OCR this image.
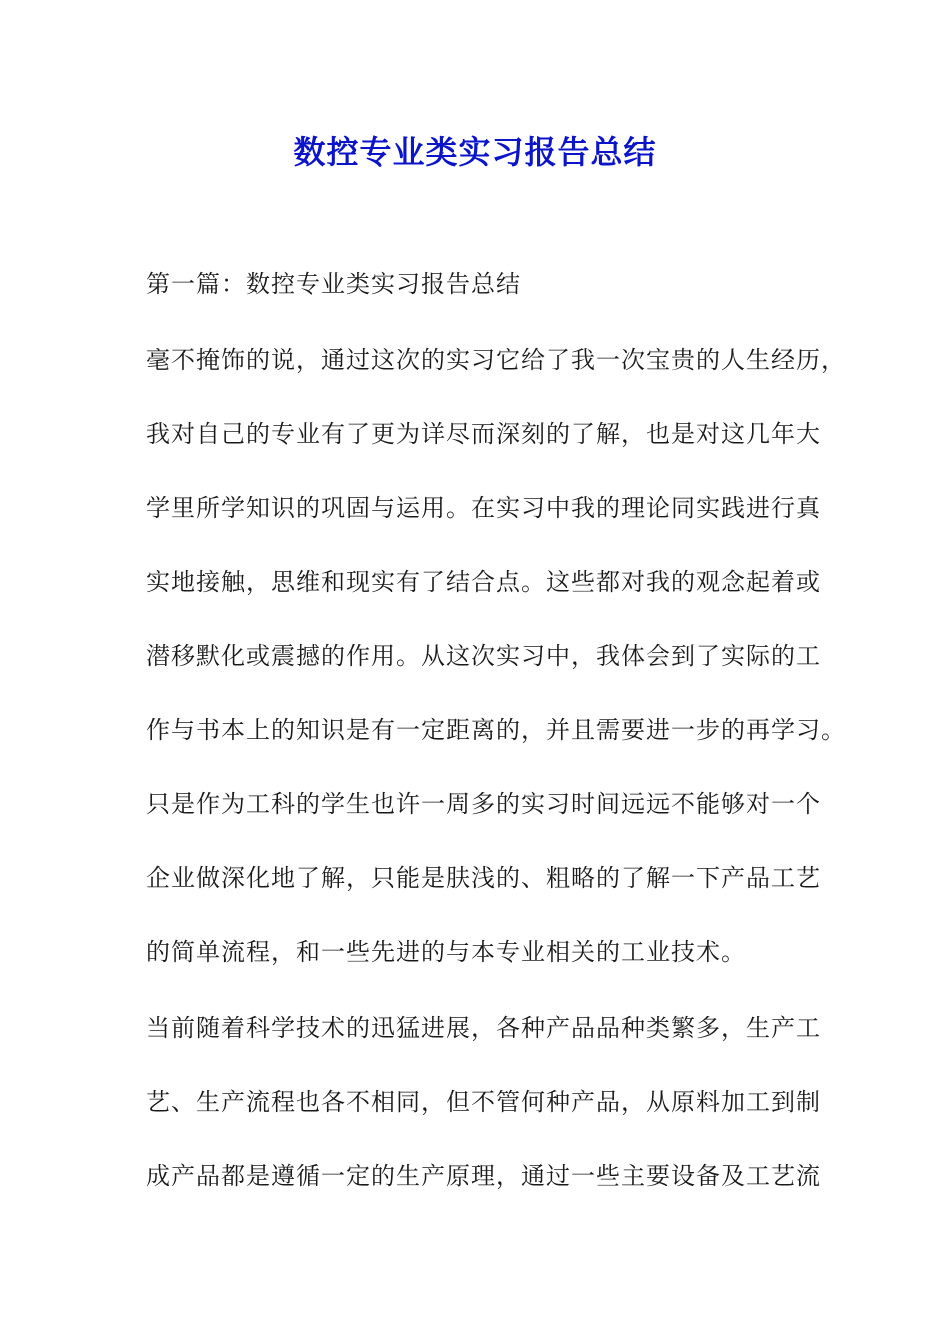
数控专业类实习报告总结
第一篇：数控专业类实习报告总结
毫不掩饰的说，通过这次的实习它给了我一次宝贵的人生经历，
我对自己的专业有了更为详尽而深刻的了解，也是对这几年大
学里所学知识的巩固与运用。在实习中我的理论同实践进行真
实地接触，思维和现实有了结合点。这些都对我的观念起着或
潜移默化或震撼的作用。从这次实习中，我体会到了实际的工
作与书本上的知识是有一定距离的，并且需要进一步的再学习。
只是作为工科的学生也许一周多的实习时间远远不能够对一个
企业做深化地了解，只能是肤浅的、粗略的了解一下产品工艺
的简单流程，和一些先进的与本专业相关的工业技术。
当前随着科学技术的迅猛进展，各种产品品种类繁多，生产工
艺、生产流程也各不相同，但不管何种产品，从原料加工到制
成产品都是遵循一定的生产原理，通过一些主要设备及工艺流
